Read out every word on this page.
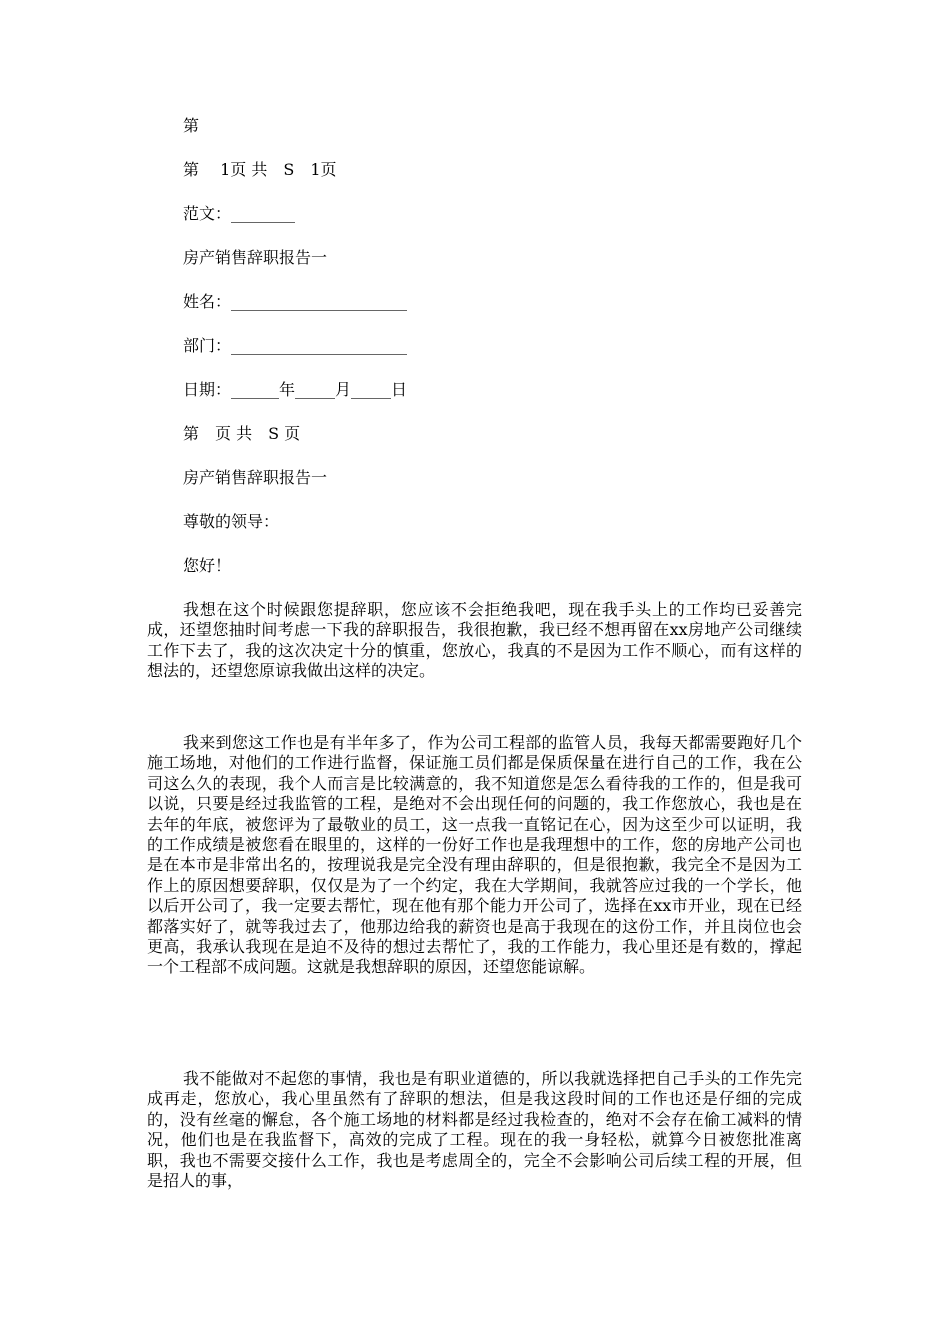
第
第　 1页 共　S　1页
范文：________
房产销售辞职报告一
姓名：______________________
部门：______________________
日期：______年_____月_____日
第　页 共　S 页
房产销售辞职报告一
尊敬的领导：
您好！

我想在这个时候跟您提辞职，您应该不会拒绝我吧，现在我手头上的工作均已妥善完成，还望您抽时间考虑一下我的辞职报告，我很抱歉，我已经不想再留在xx房地产公司继续工作下去了，我的这次决定十分的慎重，您放心，我真的不是因为工作不顺心，而有这样的想法的，还望您原谅我做出这样的决定。

我来到您这工作也是有半年多了，作为公司工程部的监管人员，我每天都需要跑好几个施工场地，对他们的工作进行监督，保证施工员们都是保质保量在进行自己的工作，我在公司这么久的表现，我个人而言是比较满意的，我不知道您是怎么看待我的工作的，但是我可以说，只要是经过我监管的工程，是绝对不会出现任何的问题的，我工作您放心，我也是在去年的年底，被您评为了最敬业的员工，这一点我一直铭记在心，因为这至少可以证明，我的工作成绩是被您看在眼里的，这样的一份好工作也是我理想中的工作，您的房地产公司也是在本市是非常出名的，按理说我是完全没有理由辞职的，但是很抱歉，我完全不是因为工作上的原因想要辞职，仅仅是为了一个约定，我在大学期间，我就答应过我的一个学长，他以后开公司了，我一定要去帮忙，现在他有那个能力开公司了，选择在xx市开业，现在已经都落实好了，就等我过去了，他那边给我的薪资也是高于我现在的这份工作，并且岗位也会更高，我承认我现在是迫不及待的想过去帮忙了，我的工作能力，我心里还是有数的，撑起一个工程部不成问题。这就是我想辞职的原因，还望您能谅解。

我不能做对不起您的事情，我也是有职业道德的，所以我就选择把自己手头的工作先完成再走，您放心，我心里虽然有了辞职的想法，但是我这段时间的工作也还是仔细的完成的，没有丝毫的懈怠，各个施工场地的材料都是经过我检查的，绝对不会存在偷工减料的情况，他们也是在我监督下，高效的完成了工程。现在的我一身轻松，就算今日被您批准离职，我也不需要交接什么工作，我也是考虑周全的，完全不会影响公司后续工程的开展，但是招人的事，
